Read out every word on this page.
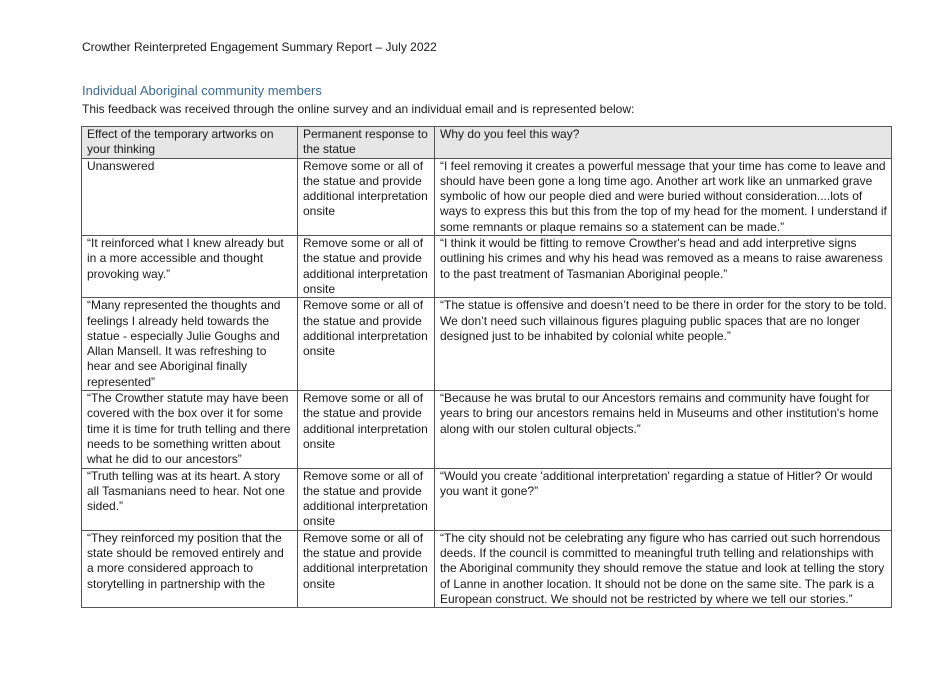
Crowther Reinterpreted Engagement Summary Report – July 2022
Individual Aboriginal community members
This feedback was received through the online survey and an individual email and is represented below:
Effect of the temporary artworks on your thinking	Permanent response to the statue	Why do you feel this way?
Unanswered	Remove some or all of the statue and provide additional interpretation onsite	“I feel removing it creates a powerful message that your time has come to leave and should have been gone a long time ago. Another art work like an unmarked grave symbolic of how our people died and were buried without consideration....lots of ways to express this but this from the top of my head for the moment. I understand if some remnants or plaque remains so a statement can be made.”
“It reinforced what I knew already but in a more accessible and thought provoking way.”	Remove some or all of the statue and provide additional interpretation onsite	“I think it would be fitting to remove Crowther's head and add interpretive signs outlining his crimes and why his head was removed as a means to raise awareness to the past treatment of Tasmanian Aboriginal people.”
“Many represented the thoughts and feelings I already held towards the statue - especially Julie Goughs and Allan Mansell. It was refreshing to hear and see Aboriginal finally represented”	Remove some or all of the statue and provide additional interpretation onsite	“The statue is offensive and doesn’t need to be there in order for the story to be told. We don’t need such villainous figures plaguing public spaces that are no longer designed just to be inhabited by colonial white people.”
“The Crowther statute may have been covered with the box over it for some time it is time for truth telling and there needs to be something written about what he did to our ancestors”	Remove some or all of the statue and provide additional interpretation onsite	“Because he was brutal to our Ancestors remains and community have fought for years to bring our ancestors remains held in Museums and other institution's home along with our stolen cultural objects.”
“Truth telling was at its heart. A story all Tasmanians need to hear. Not one sided.”	Remove some or all of the statue and provide additional interpretation onsite	“Would you create 'additional interpretation' regarding a statue of Hitler? Or would you want it gone?”
“They reinforced my position that the state should be removed entirely and a more considered approach to storytelling in partnership with the	Remove some or all of the statue and provide additional interpretation onsite	“The city should not be celebrating any figure who has carried out such horrendous deeds. If the council is committed to meaningful truth telling and relationships with the Aboriginal community they should remove the statue and look at telling the story of Lanne in another location. It should not be done on the same site. The park is a European construct. We should not be restricted by where we tell our stories.”
